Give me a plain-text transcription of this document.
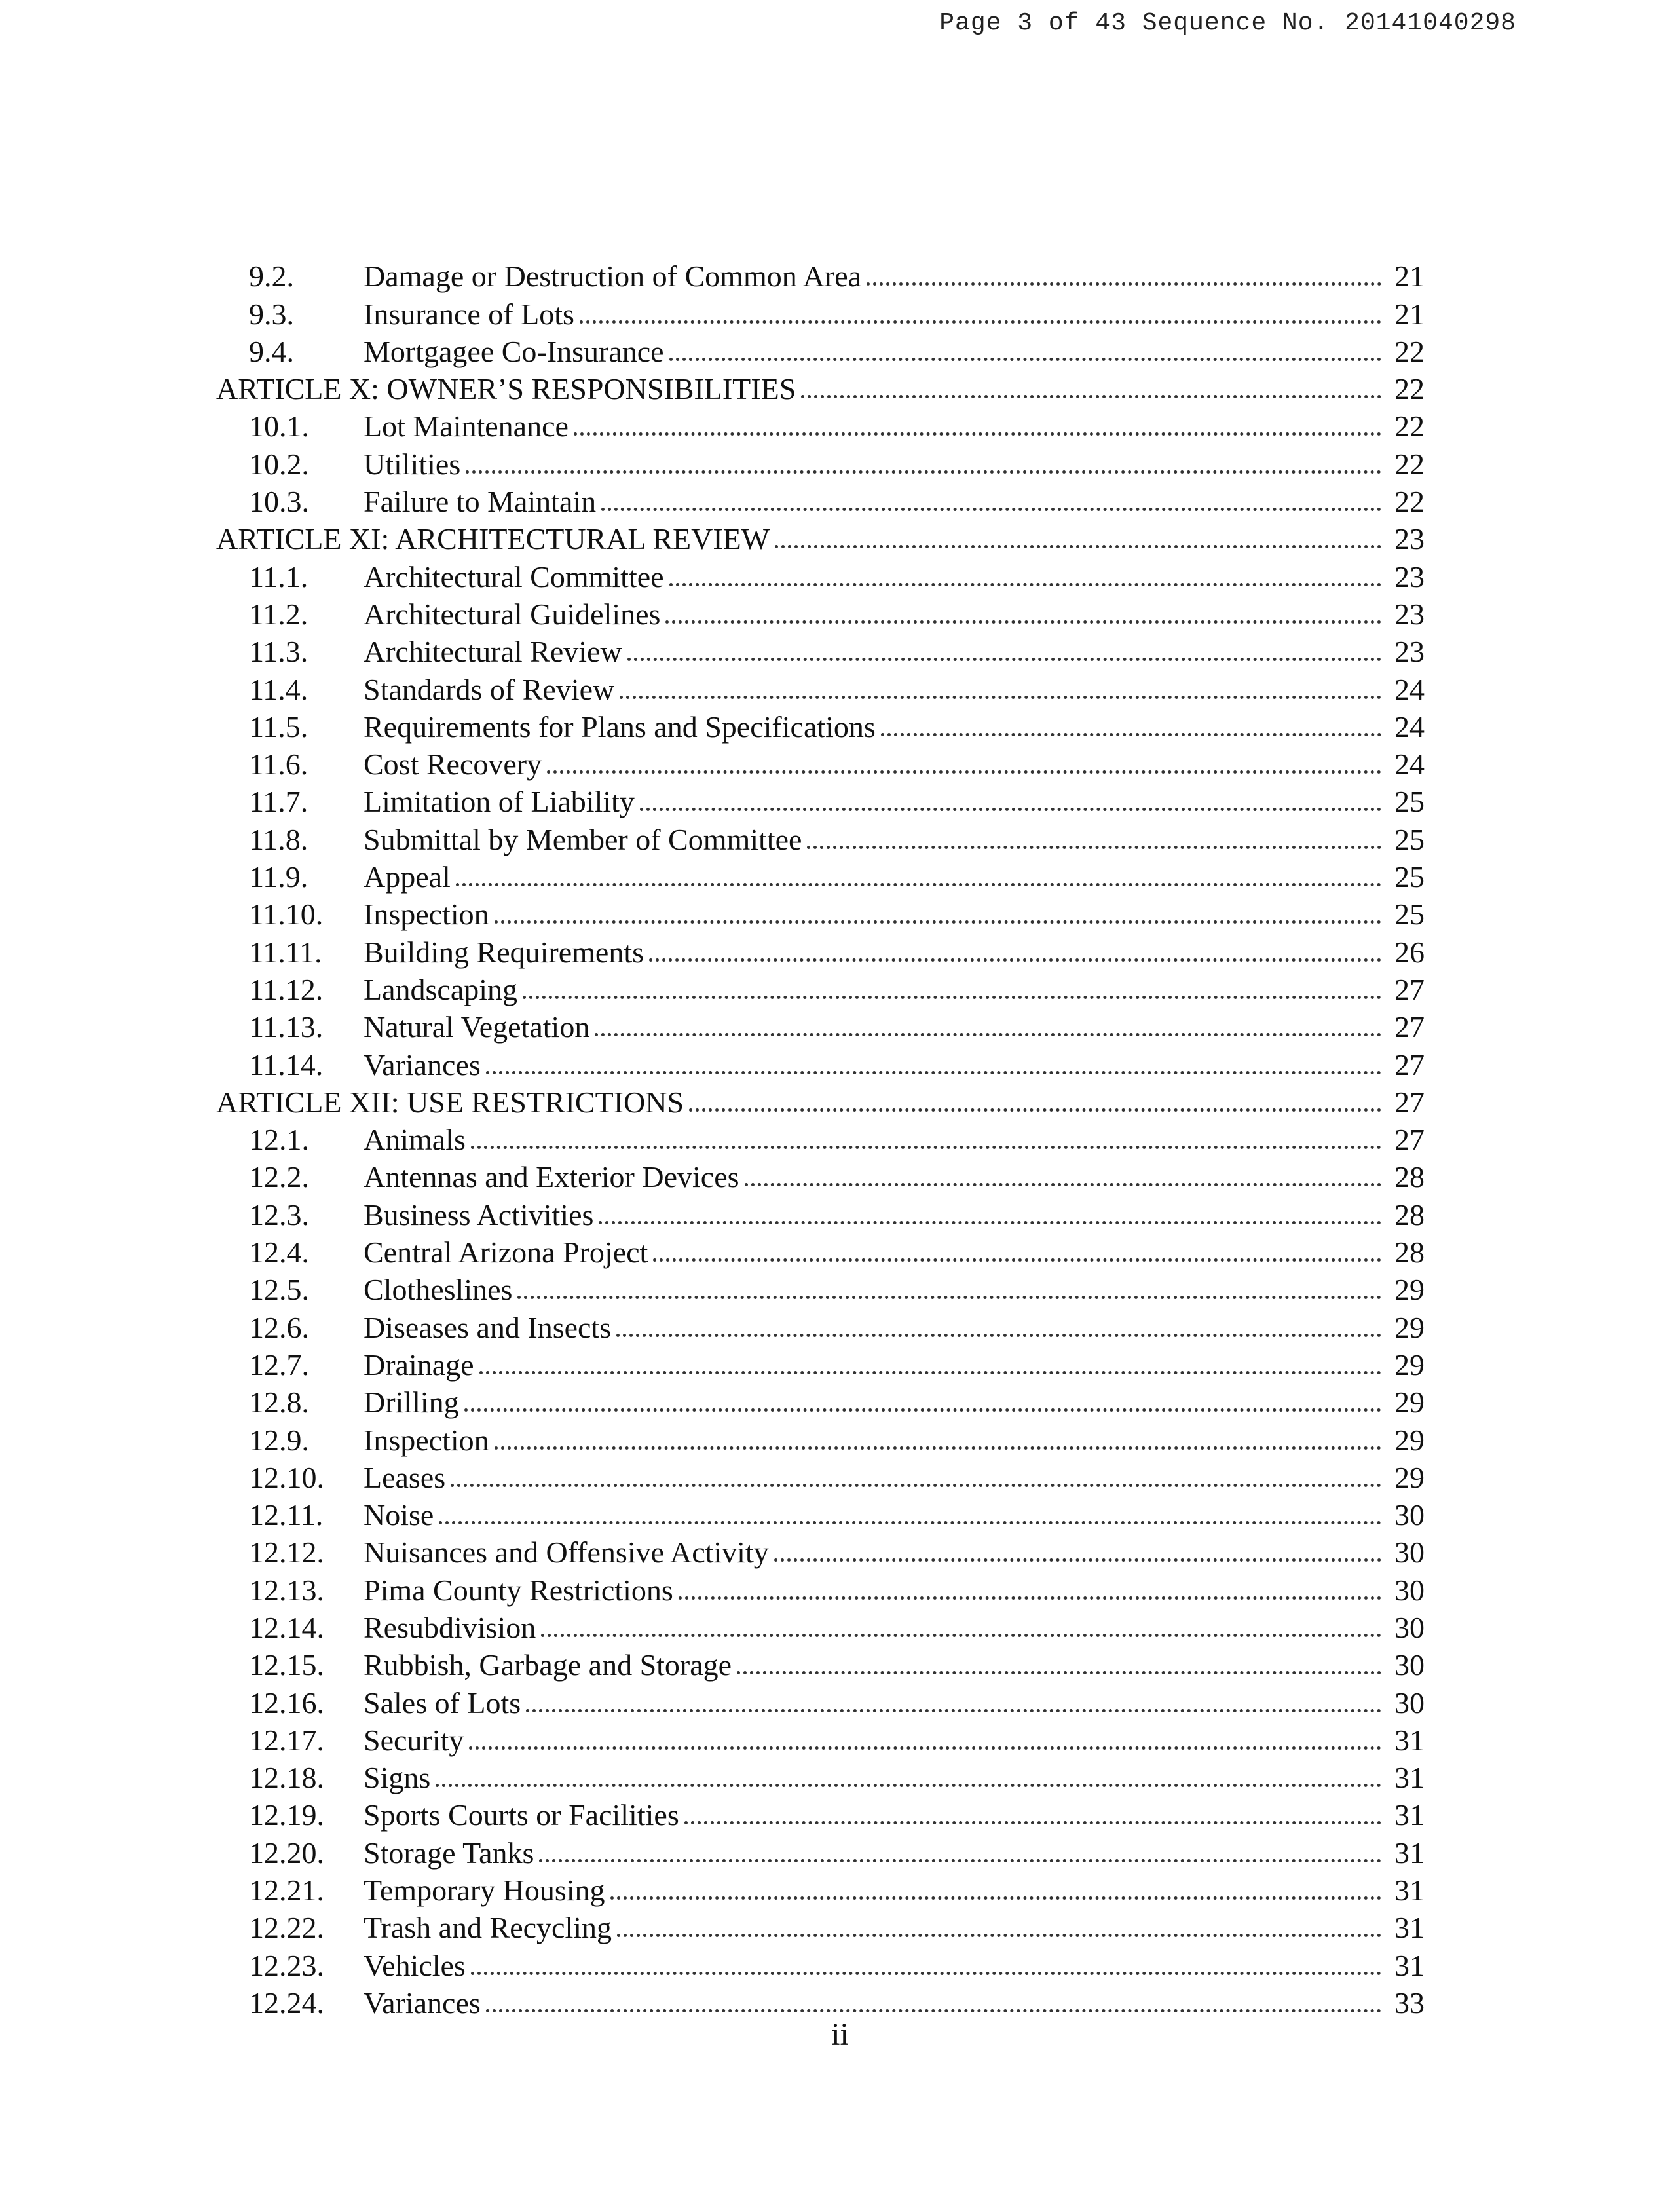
Page 3 of 43 Sequence No. 20141040298
9.2.	Damage or Destruction of Common Area	21
9.3.	Insurance of Lots	21
9.4.	Mortgagee Co-Insurance	22
ARTICLE X: OWNER’S RESPONSIBILITIES	22
10.1.	Lot Maintenance	22
10.2.	Utilities	22
10.3.	Failure to Maintain	22
ARTICLE XI: ARCHITECTURAL REVIEW	23
11.1.	Architectural Committee	23
11.2.	Architectural Guidelines	23
11.3.	Architectural Review	23
11.4.	Standards of Review	24
11.5.	Requirements for Plans and Specifications	24
11.6.	Cost Recovery	24
11.7.	Limitation of Liability	25
11.8.	Submittal by Member of Committee	25
11.9.	Appeal	25
11.10.	Inspection	25
11.11.	Building Requirements	26
11.12.	Landscaping	27
11.13.	Natural Vegetation	27
11.14.	Variances	27
ARTICLE XII: USE RESTRICTIONS	27
12.1.	Animals	27
12.2.	Antennas and Exterior Devices	28
12.3.	Business Activities	28
12.4.	Central Arizona Project	28
12.5.	Clotheslines	29
12.6.	Diseases and Insects	29
12.7.	Drainage	29
12.8.	Drilling	29
12.9.	Inspection	29
12.10.	Leases	29
12.11.	Noise	30
12.12.	Nuisances and Offensive Activity	30
12.13.	Pima County Restrictions	30
12.14.	Resubdivision	30
12.15.	Rubbish, Garbage and Storage	30
12.16.	Sales of Lots	30
12.17.	Security	31
12.18.	Signs	31
12.19.	Sports Courts or Facilities	31
12.20.	Storage Tanks	31
12.21.	Temporary Housing	31
12.22.	Trash and Recycling	31
12.23.	Vehicles	31
12.24.	Variances	33
ii
